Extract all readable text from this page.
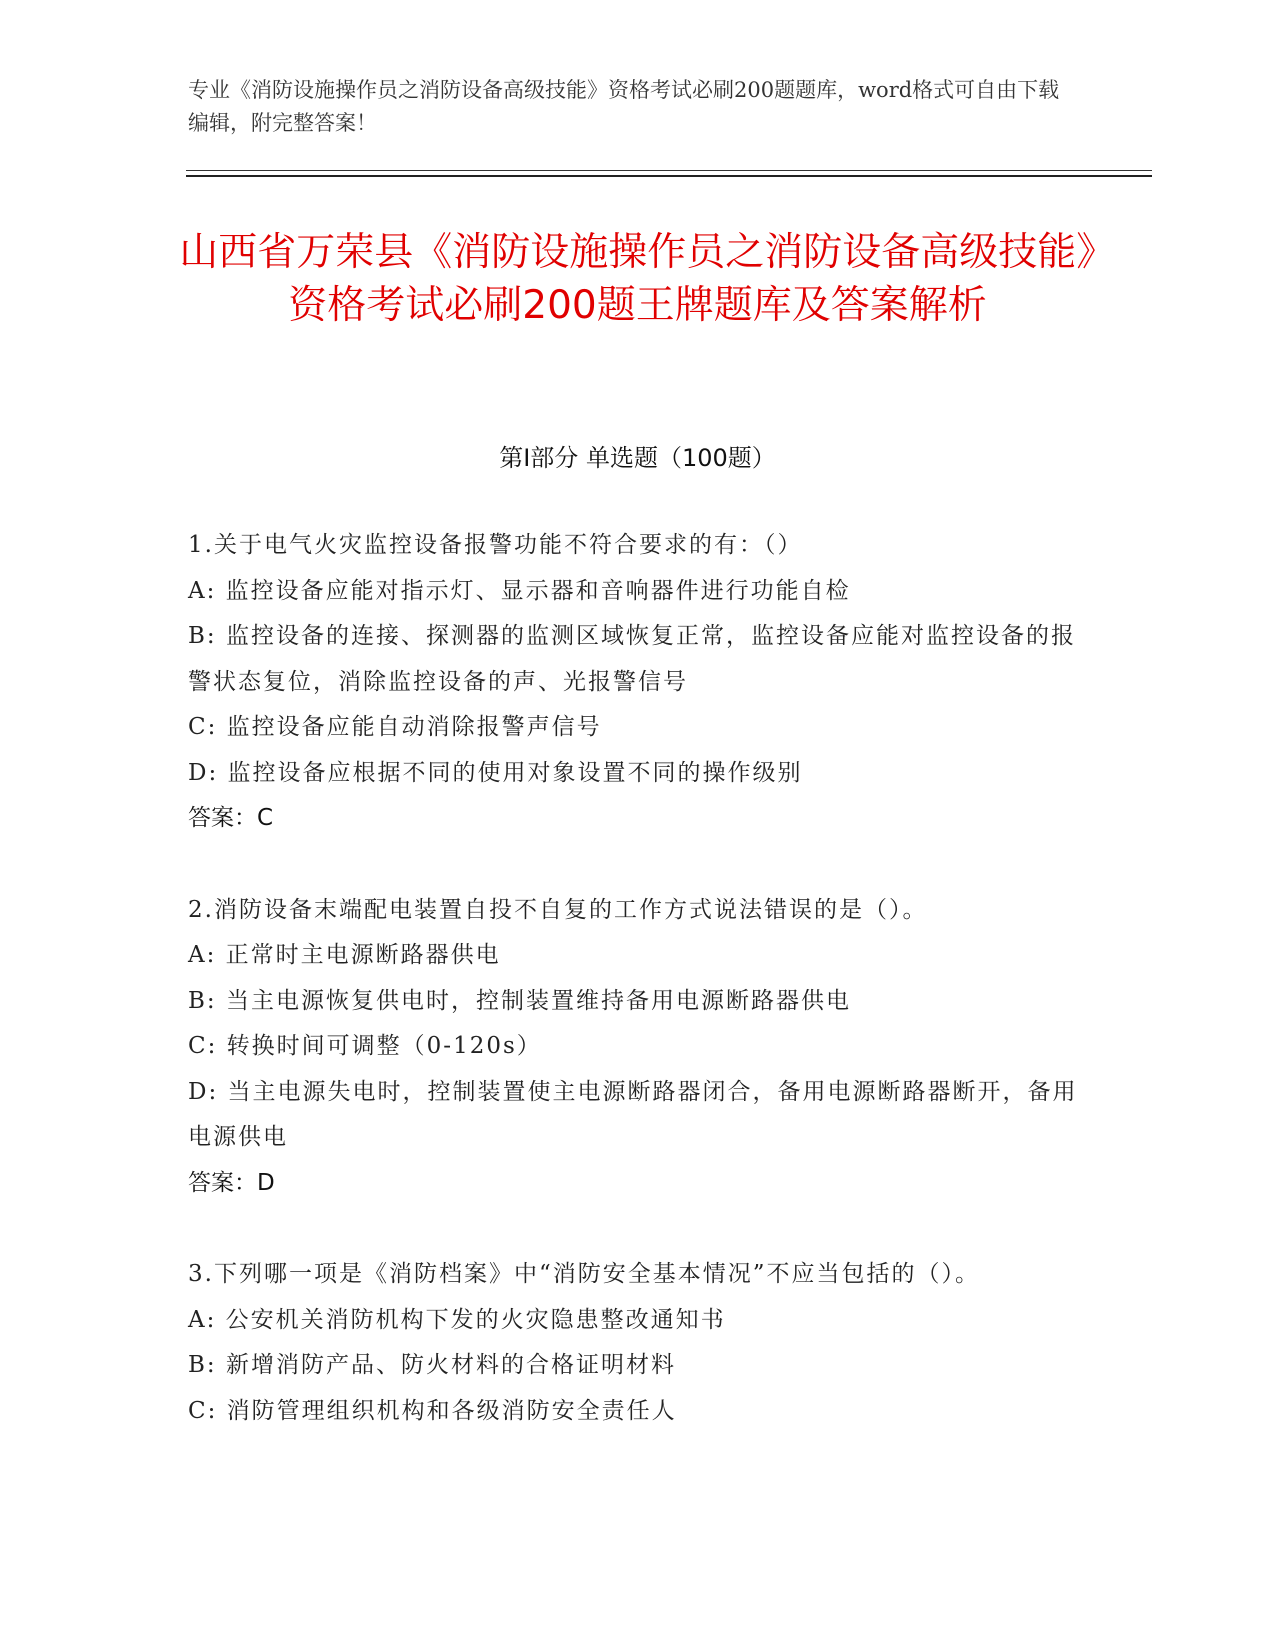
专业《消防设施操作员之消防设备高级技能》资格考试必刷200题题库，word格式可自由下载编辑，附完整答案！
山西省万荣县《消防设施操作员之消防设备高级技能》资格考试必刷200题王牌题库及答案解析
第Ⅰ部分 单选题（100题）

1.关于电气火灾监控设备报警功能不符合要求的有：（）

A: 监控设备应能对指示灯、显示器和音响器件进行功能自检

B: 监控设备的连接、探测器的监测区域恢复正常，监控设备应能对监控设备的报警状态复位，消除监控设备的声、光报警信号

C: 监控设备应能自动消除报警声信号

D: 监控设备应根据不同的使用对象设置不同的操作级别

答案：C

2.消防设备末端配电装置自投不自复的工作方式说法错误的是（）。

A: 正常时主电源断路器供电

B: 当主电源恢复供电时，控制装置维持备用电源断路器供电

C: 转换时间可调整（0-120s）

D: 当主电源失电时，控制装置使主电源断路器闭合，备用电源断路器断开，备用电源供电

答案：D

3.下列哪一项是《消防档案》中“消防安全基本情况”不应当包括的（）。

A: 公安机关消防机构下发的火灾隐患整改通知书

B: 新增消防产品、防火材料的合格证明材料

C: 消防管理组织机构和各级消防安全责任人
